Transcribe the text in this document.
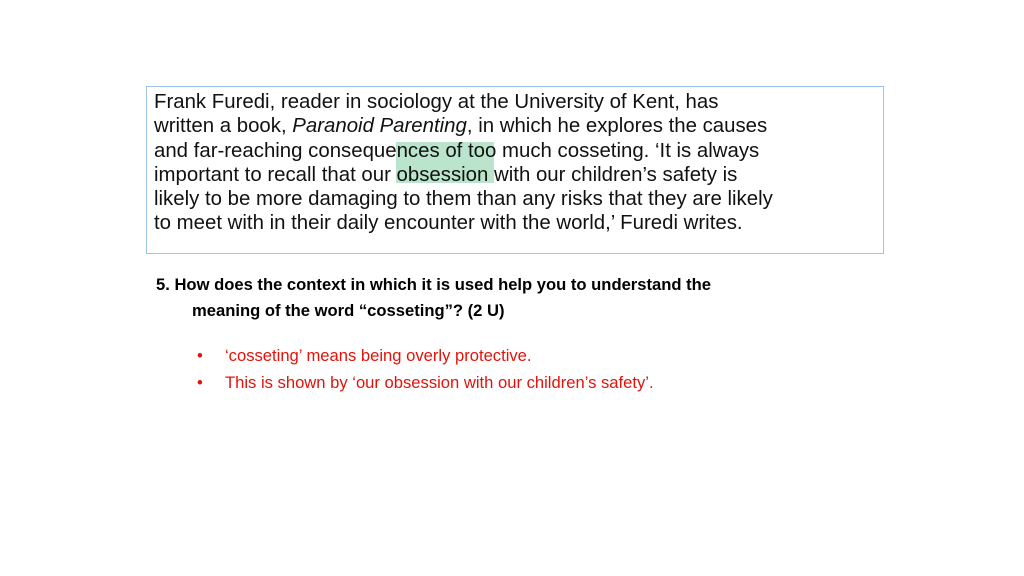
Frank Furedi, reader in sociology at the University of Kent, has
written a book, Paranoid Parenting, in which he explores the causes
and far-reaching consequences of too much cosseting. ‘It is always
important to recall that our obsession with our children’s safety is
likely to be more damaging to them than any risks that they are likely
to meet with in their daily encounter with the world,’ Furedi writes.

5. How does the context in which it is used help you to understand the
meaning of the word “cosseting”? (2 U)

• ‘cosseting’ means being overly protective.
• This is shown by ‘our obsession with our children’s safety’.
